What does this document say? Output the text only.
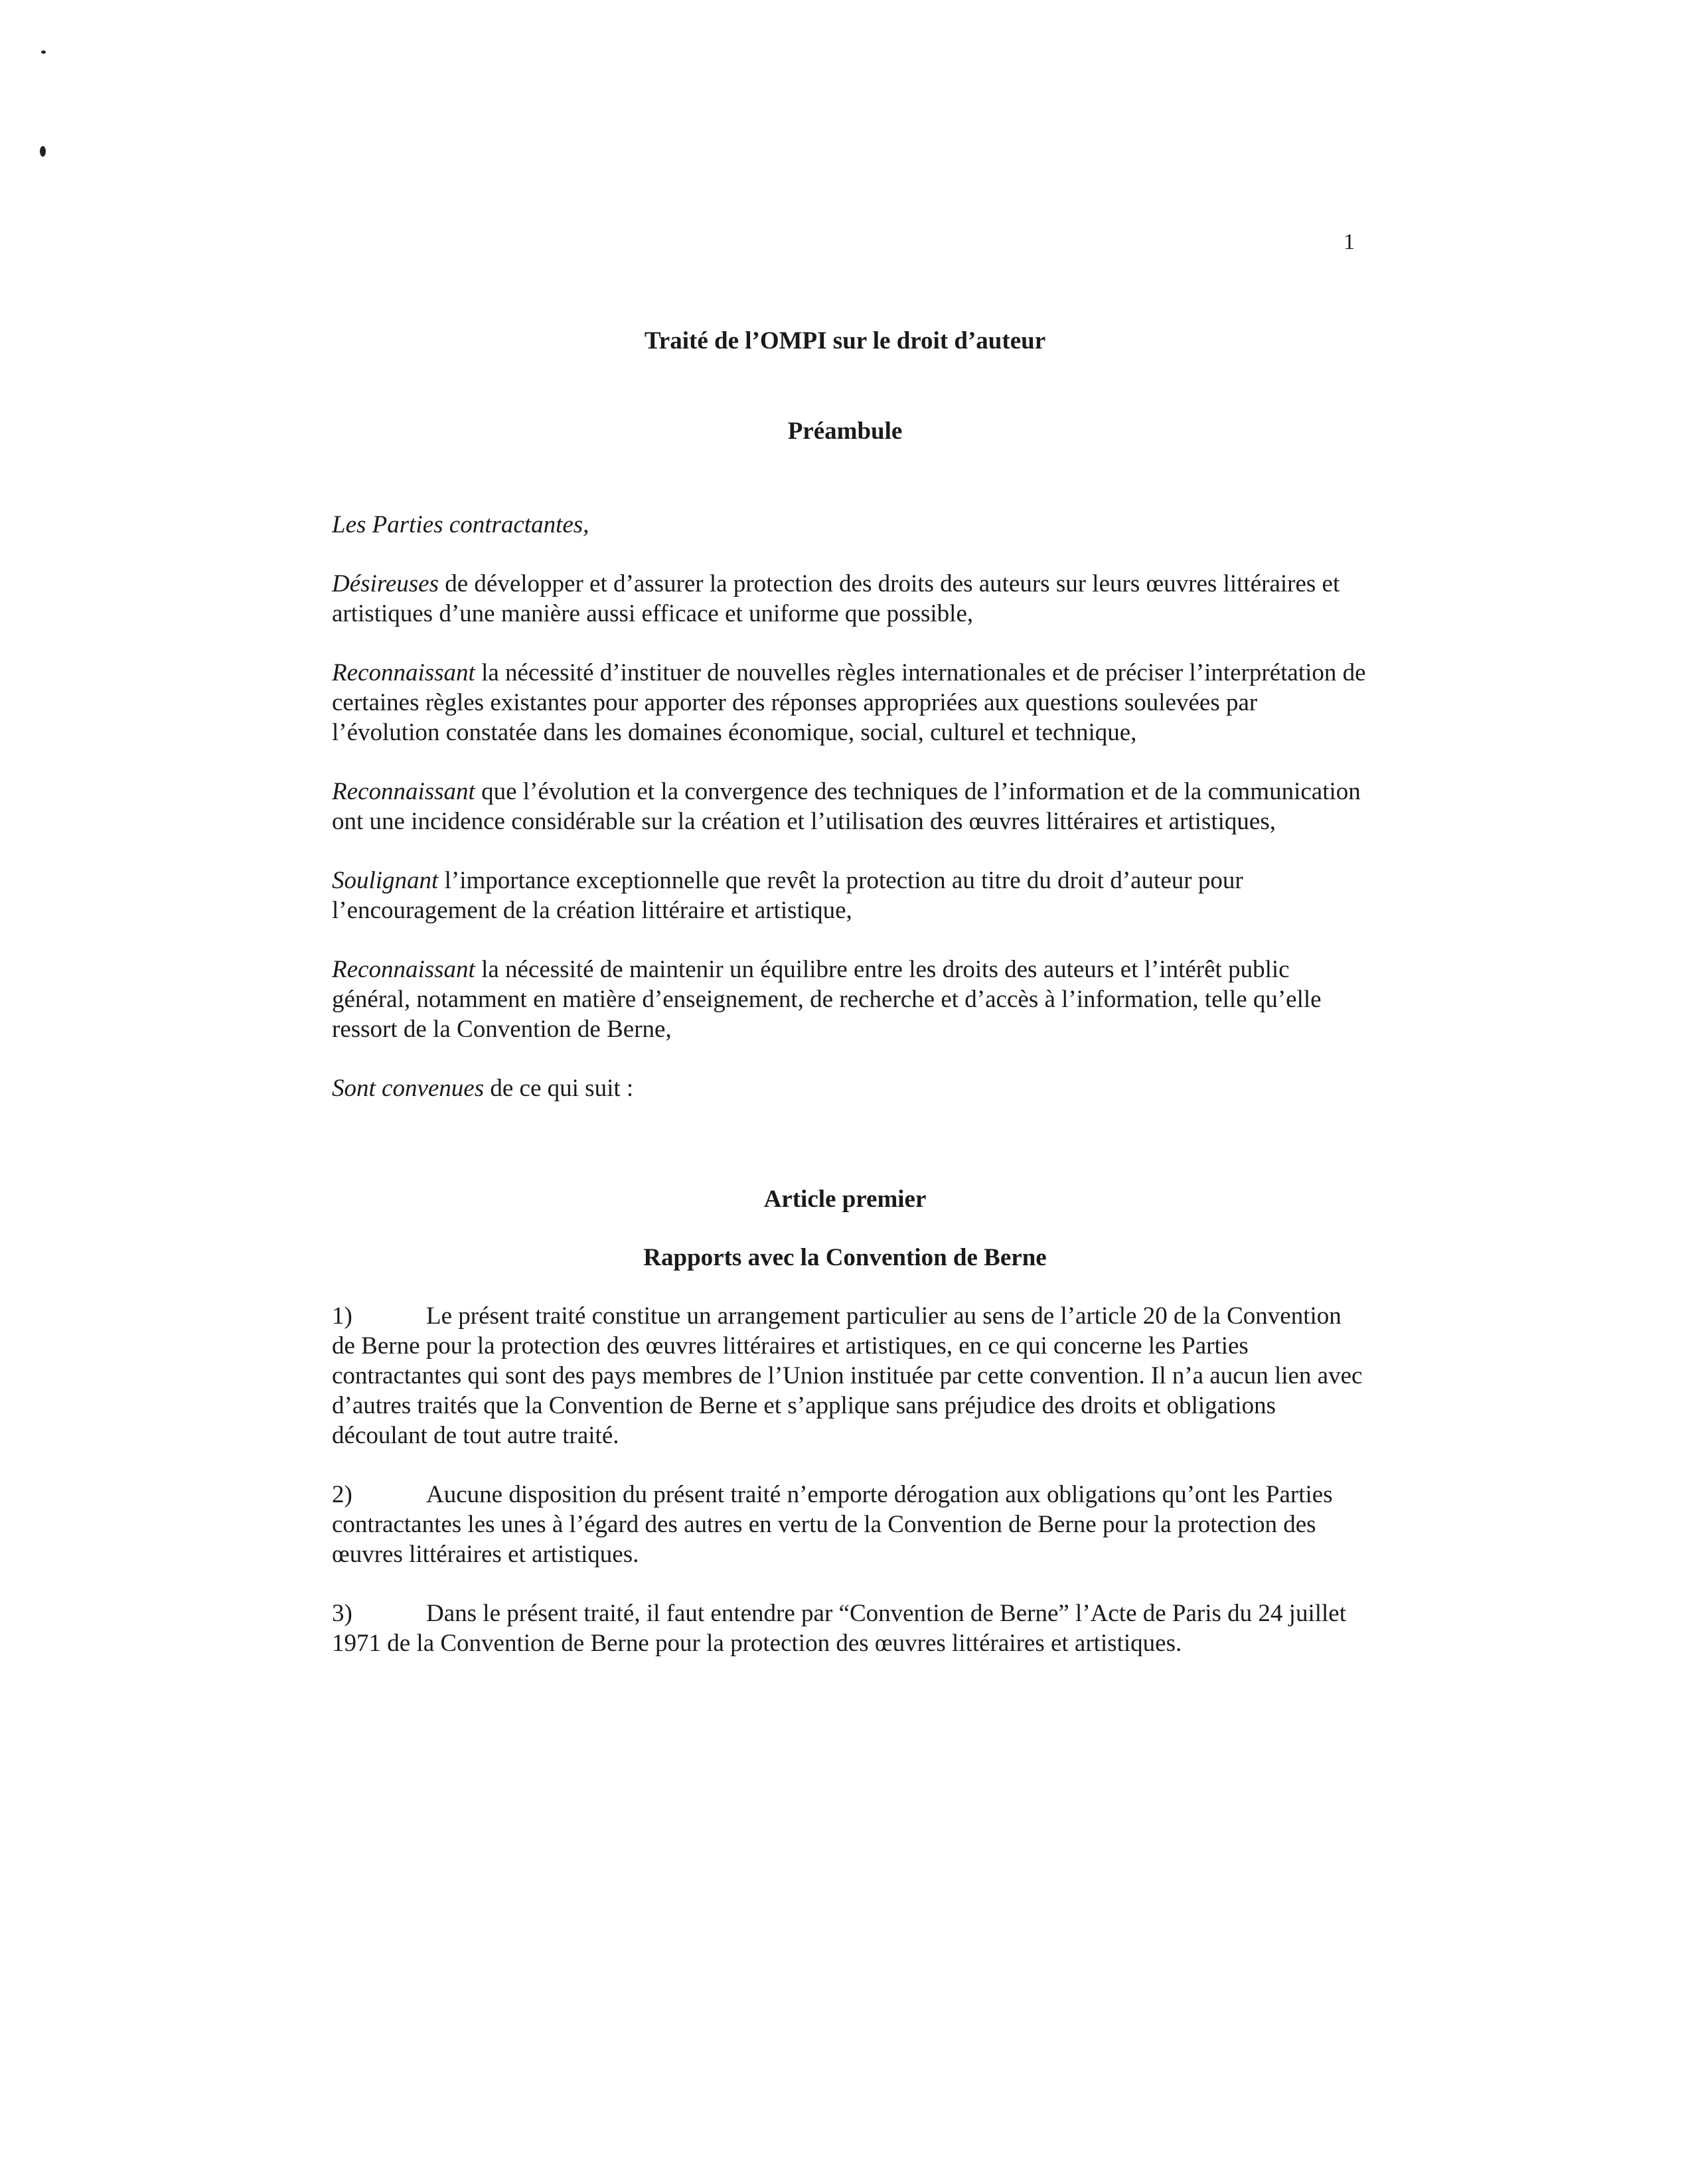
1
Traité de l’OMPI sur le droit d’auteur
Préambule

Les Parties contractantes,

Désireuses de développer et d’assurer la protection des droits des auteurs sur leurs œuvres littéraires et artistiques d’une manière aussi efficace et uniforme que possible,

Reconnaissant la nécessité d’instituer de nouvelles règles internationales et de préciser l’interprétation de certaines règles existantes pour apporter des réponses appropriées aux questions soulevées par l’évolution constatée dans les domaines économique, social, culturel et technique,

Reconnaissant que l’évolution et la convergence des techniques de l’information et de la communication ont une incidence considérable sur la création et l’utilisation des œuvres littéraires et artistiques,

Soulignant l’importance exceptionnelle que revêt la protection au titre du droit d’auteur pour l’encouragement de la création littéraire et artistique,

Reconnaissant la nécessité de maintenir un équilibre entre les droits des auteurs et l’intérêt public général, notamment en matière d’enseignement, de recherche et d’accès à l’information, telle qu’elle ressort de la Convention de Berne,

Sont convenues de ce qui suit :

Article premier
Rapports avec la Convention de Berne

1)	Le présent traité constitue un arrangement particulier au sens de l’article 20 de la Convention de Berne pour la protection des œuvres littéraires et artistiques, en ce qui concerne les Parties contractantes qui sont des pays membres de l’Union instituée par cette convention. Il n’a aucun lien avec d’autres traités que la Convention de Berne et s’applique sans préjudice des droits et obligations découlant de tout autre traité.

2)	Aucune disposition du présent traité n’emporte dérogation aux obligations qu’ont les Parties contractantes les unes à l’égard des autres en vertu de la Convention de Berne pour la protection des œuvres littéraires et artistiques.

3)	Dans le présent traité, il faut entendre par “Convention de Berne” l’Acte de Paris du 24 juillet 1971 de la Convention de Berne pour la protection des œuvres littéraires et artistiques.
